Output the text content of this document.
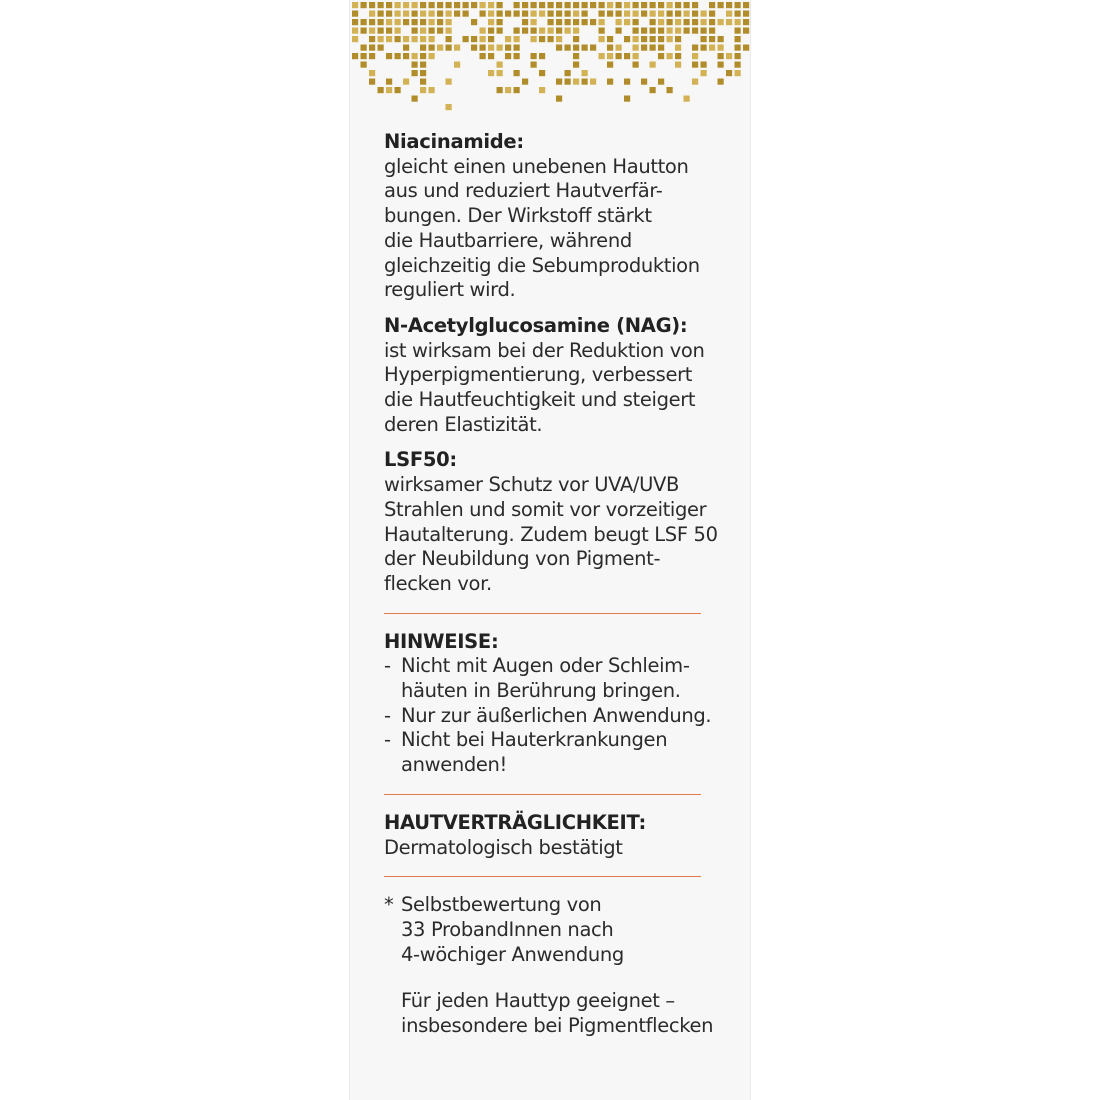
Niacinamide:
gleicht einen unebenen Hautton
aus und reduziert Hautverfär-
bungen. Der Wirkstoff stärkt
die Hautbarriere, während
gleichzeitig die Sebumproduktion
reguliert wird.
N-Acetylglucosamine (NAG):
ist wirksam bei der Reduktion von
Hyperpigmentierung, verbessert
die Hautfeuchtigkeit und steigert
deren Elastizität.
LSF50:
wirksamer Schutz vor UVA/UVB
Strahlen und somit vor vorzeitiger
Hautalterung. Zudem beugt LSF 50
der Neubildung von Pigment-
flecken vor.
HINWEISE:
- Nicht mit Augen oder Schleim-
häuten in Berührung bringen.
- Nur zur äußerlichen Anwendung.
- Nicht bei Hauterkrankungen
anwenden!
HAUTVERTRÄGLICHKEIT:
Dermatologisch bestätigt
* Selbstbewertung von
33 ProbandInnen nach
4-wöchiger Anwendung
Für jeden Hauttyp geeignet –
insbesondere bei Pigmentflecken
